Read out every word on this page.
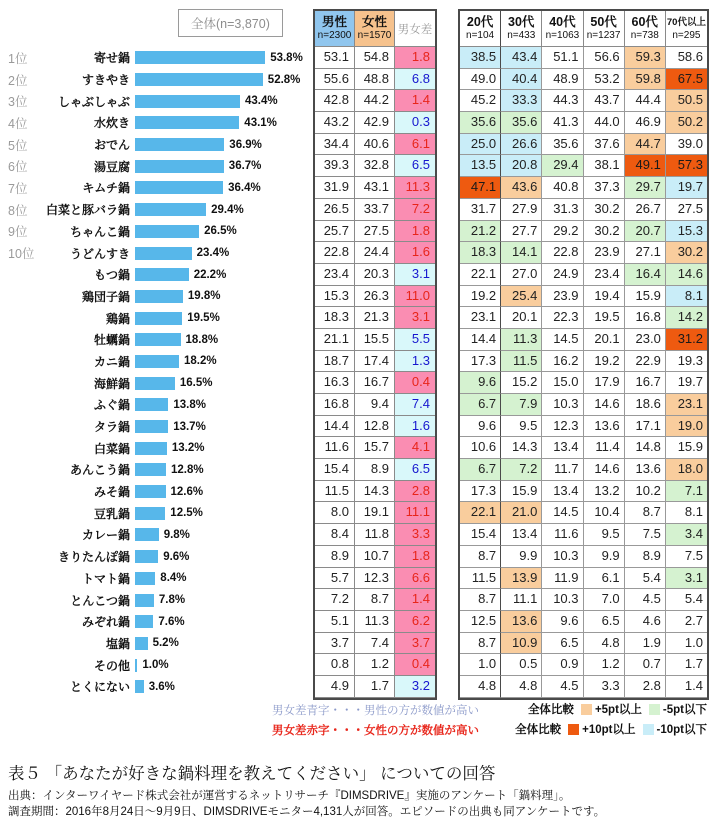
全体(n=3,870)
1位	寄せ鍋	53.8%
2位	すきやき	52.8%
3位	しゃぶしゃぶ	43.4%
4位	水炊き	43.1%
5位	おでん	36.9%
6位	湯豆腐	36.7%
7位	キムチ鍋	36.4%
8位	白菜と豚バラ鍋	29.4%
9位	ちゃんこ鍋	26.5%
10位	うどんすき	23.4%
もつ鍋	22.2%
鶏団子鍋	19.8%
鶏鍋	19.5%
牡蠣鍋	18.8%
カニ鍋	18.2%
海鮮鍋	16.5%
ふぐ鍋	13.8%
タラ鍋	13.7%
白菜鍋	13.2%
あんこう鍋	12.8%
みそ鍋	12.6%
豆乳鍋	12.5%
カレー鍋	9.8%
きりたんぽ鍋	9.6%
トマト鍋	8.4%
とんこつ鍋	7.8%
みぞれ鍋 7.6%
塩鍋 5.2%
その他 1.0%
とくにない 3.6%
男性
n=2300
女性
n=1570 男女差
53.1	54.8	1.8
55.6	48.8	6.8
42.8	44.2	1.4
43.2	42.9	0.3
34.4	40.6	6.1
39.3	32.8	6.5
31.9	43.1	11.3
26.5	33.7	7.2
25.7	27.5	1.8
22.8	24.4	1.6
23.4	20.3	3.1
15.3	26.3	11.0
18.3	21.3	3.1
21.1	15.5	5.5
18.7	17.4	1.3
16.3	16.7	0.4
16.8	9.4	7.4
14.4	12.8	1.6
11.6	15.7	4.1
15.4	8.9	6.5
11.5	14.3	2.8
8.0	19.1	11.1
8.4	11.8	3.3
8.9	10.7	1.8
5.7	12.3	6.6
7.2	8.7	1.4
5.1	11.3	6.2
3.7	7.4	3.7
0.8	1.2	0.4
4.9	1.7	3.2
20代
n=104
30代
n=433
40代
n=1063
50代
n=1237
60代
n=738
70代以上
n=295
38.5	43.4	51.1	56.6	59.3	58.6
49.0	40.4	48.9	53.2	59.8	67.5
45.2	33.3	44.3	43.7	44.4	50.5
35.6	35.6	41.3	44.0	46.9	50.2
25.0	26.6	35.6	37.6	44.7	39.0
13.5	20.8	29.4	38.1	49.1	57.3
47.1	43.6	40.8	37.3	29.7	19.7
31.7	27.9	31.3	30.2	26.7	27.5
21.2	27.7	29.2	30.2	20.7	15.3
18.3	14.1	22.8	23.9	27.1	30.2
22.1	27.0	24.9	23.4	16.4	14.6
19.2	25.4	23.9	19.4	15.9	8.1
23.1	20.1	22.3	19.5	16.8	14.2
14.4	11.3	14.5	20.1	23.0	31.2
17.3	11.5	16.2	19.2	22.9	19.3
9.6	15.2	15.0	17.9	16.7	19.7
6.7	7.9	10.3	14.6	18.6	23.1
9.6	9.5	12.3	13.6	17.1	19.0
10.6	14.3	13.4	11.4	14.8	15.9
6.7	7.2	11.7	14.6	13.6	18.0
17.3	15.9	13.4	13.2	10.2	7.1
22.1	21.0	14.5	10.4	8.7	8.1
15.4	13.4	11.6	9.5	7.5	3.4
8.7	9.9	10.3	9.9	8.9	7.5
11.5	13.9	11.9	6.1	5.4	3.1
8.7	11.1	10.3	7.0	4.5	5.4
12.5	13.6	9.6	6.5	4.6	2.7
8.7	10.9	6.5	4.8	1.9	1.0
1.0	0.5	0.9	1.2	0.7	1.7
4.8	4.8	4.5	3.3	2.8	1.4
男女差青字・・・男性の方が数値が高い
男女差赤字・・・女性の方が数値が高い
全体比較 +5pt以上 -5pt以下
全体比較 +10pt以上 -10pt以下
表５ 「あなたが好きな鍋料理を教えてください」 についての回答
出典：インターワイヤード株式会社が運営するネットリサーチ『DIMSDRIVE』実施のアンケート「鍋料理」。
調査期間：2016年8月24日～9月9日、DIMSDRIVEモニター4,131人が回答。エピソードの出典も同アンケートです。
